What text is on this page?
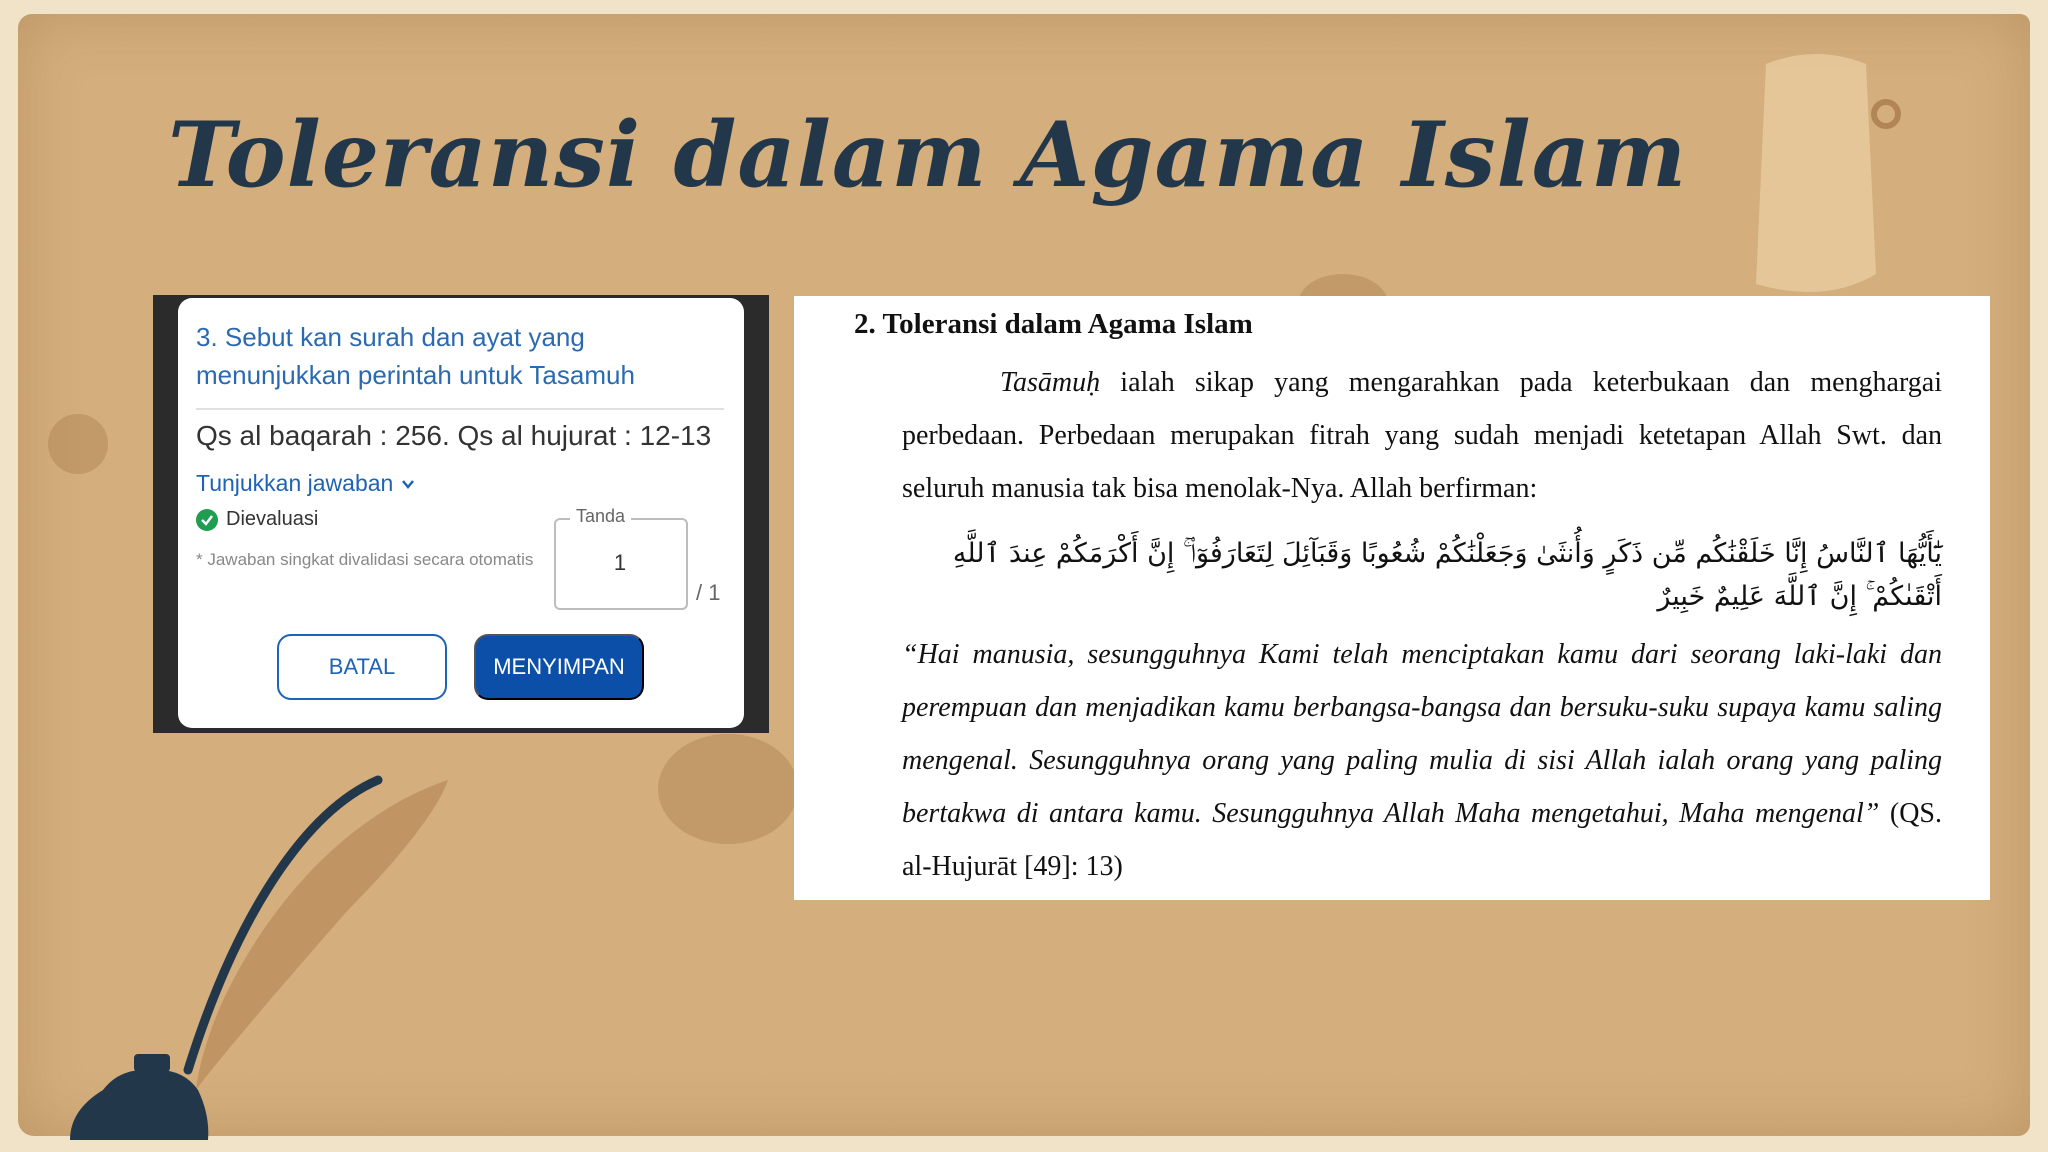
Toleransi dalam Agama Islam
3. Sebut kan surah dan ayat yang menunjukkan perintah untuk Tasamuh
Qs al baqarah : 256. Qs al hujurat : 12-13
Tunjukkan jawaban
Dievaluasi
* Jawaban singkat divalidasi secara otomatis
Tanda
1
/ 1
BATAL	MENYIMPAN
2. Toleransi dalam Agama Islam

Tasāmuḥ ialah sikap yang mengarahkan pada keterbukaan dan menghargai perbedaan. Perbedaan merupakan fitrah yang sudah menjadi ketetapan Allah Swt. dan seluruh manusia tak bisa menolak-Nya. Allah berfirman:

يَٰٓأَيُّهَا ٱلنَّاسُ إِنَّا خَلَقْنَٰكُم مِّن ذَكَرٍ وَأُنثَىٰ وَجَعَلْنَٰكُمْ شُعُوبًا وَقَبَآئِلَ لِتَعَارَفُوٓا۟ ۚ إِنَّ أَكْرَمَكُمْ عِندَ ٱللَّهِ أَتْقَىٰكُمْ ۚ إِنَّ ٱللَّهَ عَلِيمٌ خَبِيرٌ

“Hai manusia, sesungguhnya Kami telah menciptakan kamu dari seorang laki-laki dan perempuan dan menjadikan kamu berbangsa-bangsa dan bersuku-suku supaya kamu saling mengenal. Sesungguhnya orang yang paling mulia di sisi Allah ialah orang yang paling bertakwa di antara kamu. Sesungguhnya Allah Maha mengetahui, Maha mengenal” (QS. al-Hujurāt [49]: 13)
